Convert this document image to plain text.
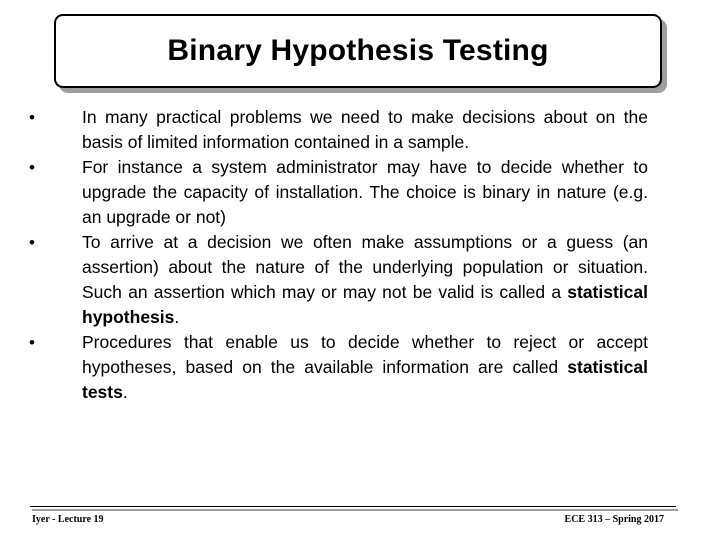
Binary Hypothesis Testing
•	In many practical problems we need to make decisions about on the basis of limited information contained in a sample.
•	For instance a system administrator may have to decide whether to upgrade the capacity of installation. The choice is binary in nature (e.g. an upgrade or not)
•	To arrive at a decision we often make assumptions or a guess (an assertion) about the nature of the underlying population or situation. Such an assertion which may or may not be valid is called a statistical hypothesis.
•	Procedures that enable us to decide whether to reject or accept hypotheses, based on the available information are called statistical tests.
Iyer - Lecture 19	ECE 313 – Spring 2017
